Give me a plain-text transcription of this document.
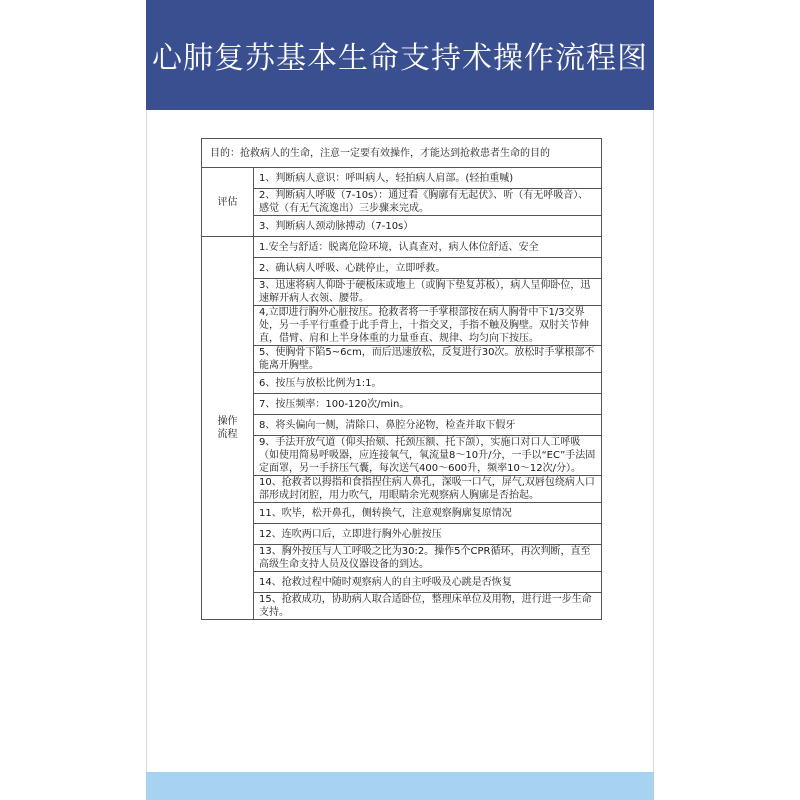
心肺复苏基本生命支持术操作流程图
目的：抢救病人的生命，注意一定要有效操作，才能达到抢救患者生命的目的	
评估	1、判断病人意识：呼叫病人，轻拍病人肩部。(轻拍重喊)
	2、判断病人呼吸（7-10s）：通过看《胸廓有无起伏》、听（有无呼吸音）、感觉（有无气流逸出）三步骤来完成。
	3、判断病人颈动脉搏动（7-10s）
操作流程	1.安全与舒适：脱离危险环境，认真查对，病人体位舒适、安全
	2、确认病人呼吸、心跳停止，立即呼救。
	3、迅速将病人仰卧于硬板床或地上（或胸下垫复苏板），病人呈仰卧位，迅速解开病人衣领、腰带。
	4,立即进行胸外心脏按压。抢救者将一手掌根部按在病人胸骨中下1/3交界处，另一手平行重叠于此手背上，十指交叉，手指不触及胸壁。双肘关节伸直，借臂、肩和上半身体重的力量垂直、规律、均匀向下按压。
	5、使胸骨下陷5~6cm，而后迅速放松，反复进行30次。放松时手掌根部不能离开胸壁。
	6、按压与放松比例为1:1。
	7、按压频率：100-120次/min。
	8、将头偏向一侧，清除口、鼻腔分泌物，检查并取下假牙
	9、手法开放气道（仰头抬颏、托颈压额、托下颌），实施口对口人工呼吸（如使用简易呼吸器，应连接氧气，氧流量8～10升/分，一手以“EC”手法固定面罩，另一手挤压气囊，每次送气400～600升，频率10～12次/分）。
	10、抢救者以拇指和食指捏住病人鼻孔，深吸一口气，屏气,双唇包绕病人口部形成封闭腔，用力吹气，用眼睛余光观察病人胸廓是否抬起。
	11、吹毕，松开鼻孔，侧转换气，注意观察胸廓复原情况
	12、连吹两口后，立即进行胸外心脏按压
	13、胸外按压与人工呼吸之比为30:2。操作5个CPR循环，再次判断，直至高级生命支持人员及仪器设备的到达。
	14、抢救过程中随时观察病人的自主呼吸及心跳是否恢复
	15、抢救成功，协助病人取合适卧位，整理床单位及用物，进行进一步生命支持。
